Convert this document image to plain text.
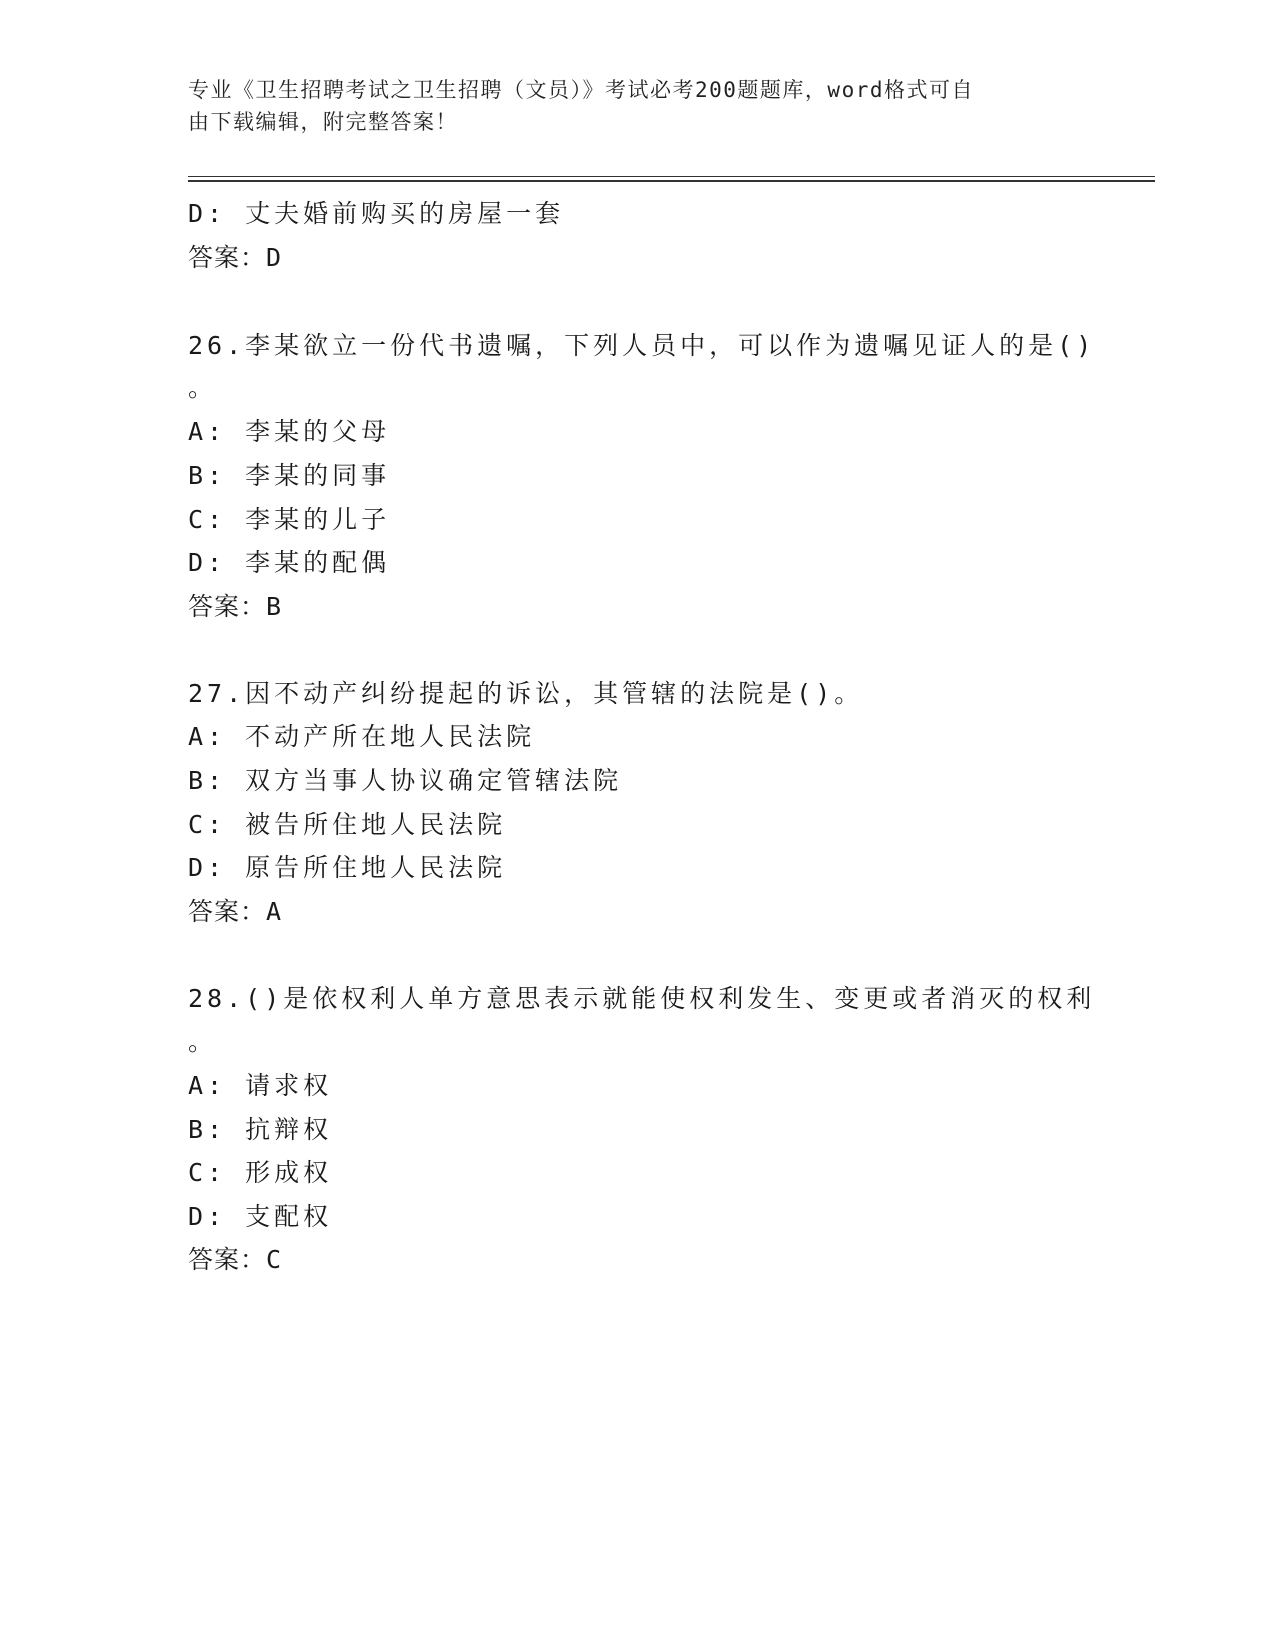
专业《卫生招聘考试之卫生招聘（文员）》考试必考200题题库，word格式可自
由下载编辑，附完整答案！
D: 丈夫婚前购买的房屋一套
答案：D
26.李某欲立一份代书遗嘱，下列人员中，可以作为遗嘱见证人的是()
。
A: 李某的父母
B: 李某的同事
C: 李某的儿子
D: 李某的配偶
答案：B
27.因不动产纠纷提起的诉讼，其管辖的法院是()。
A: 不动产所在地人民法院
B: 双方当事人协议确定管辖法院
C: 被告所住地人民法院
D: 原告所住地人民法院
答案：A
28.()是依权利人单方意思表示就能使权利发生、变更或者消灭的权利
。
A: 请求权
B: 抗辩权
C: 形成权
D: 支配权
答案：C
